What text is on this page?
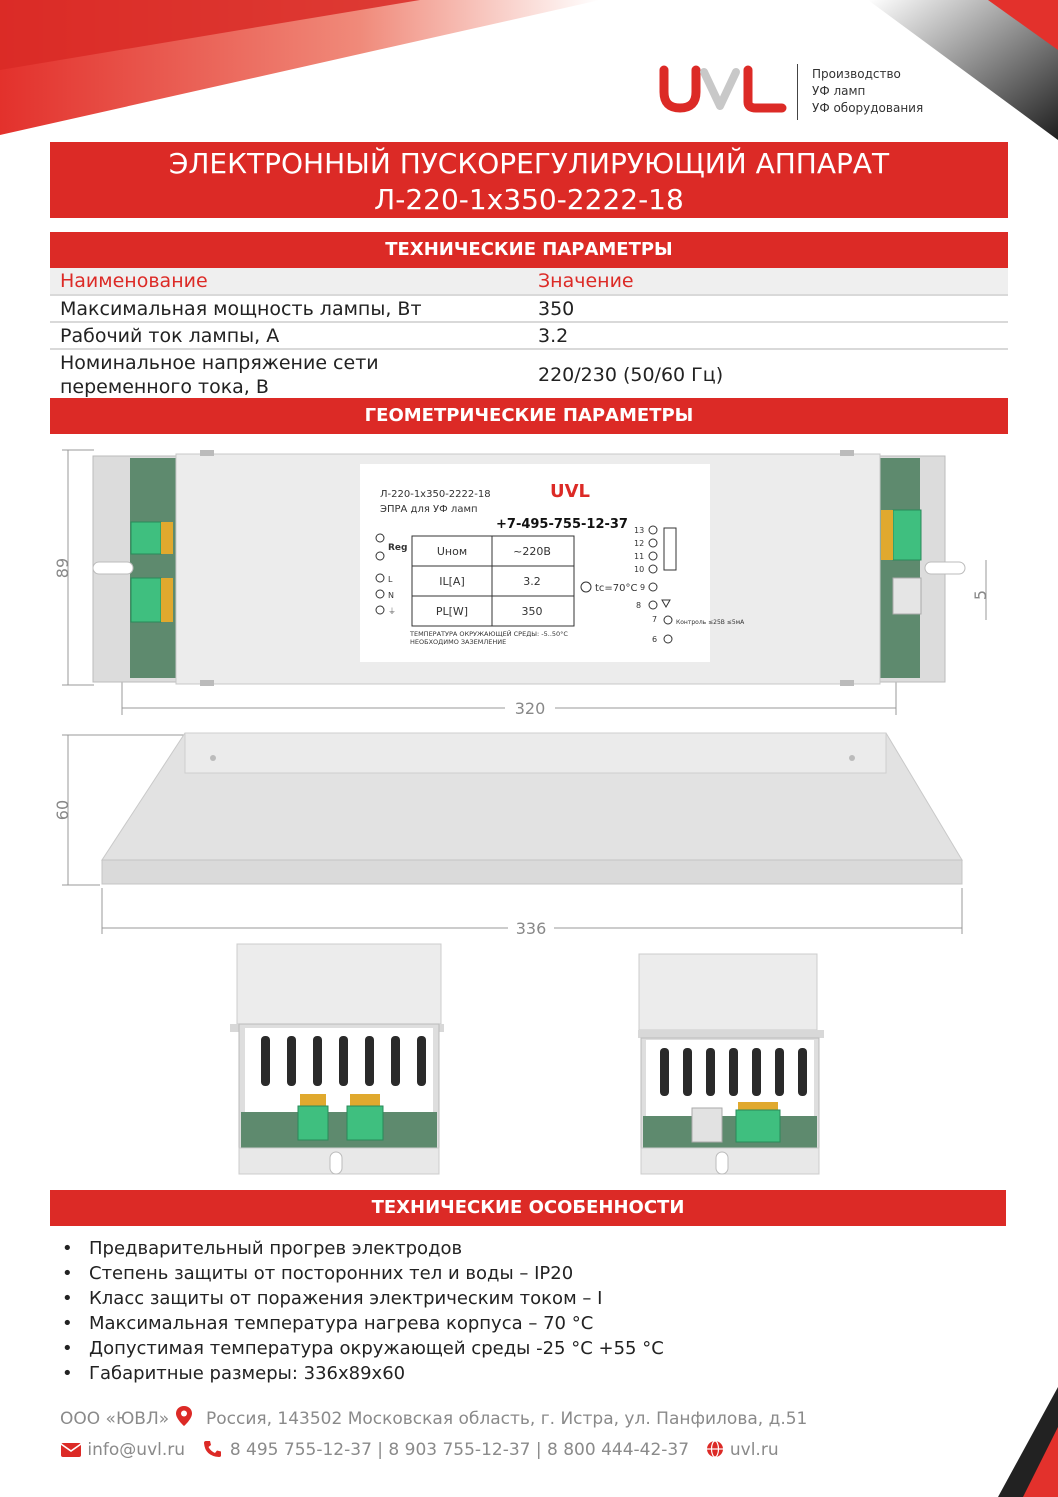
UVL
Производство
УФ ламп
УФ оборудования
ЭЛЕКТРОННЫЙ ПУСКОРЕГУЛИРУЮЩИЙ АППАРАТ
Л-220-1х350-2222-18
ТЕХНИЧЕСКИЕ ПАРАМЕТРЫ
Наименование	Значение
Максимальная мощность лампы, Вт	350
Рабочий ток лампы, А	3.2

Номинальное напряжение сети
переменного тока, В	220/230 (50/60 Гц)
ГЕОМЕТРИЧЕСКИЕ ПАРАМЕТРЫ
89
320
5
Л-220-1х350-2222-18
ЭПРА для УФ ламп
UVL
+7-495-755-12-37
Reg
L
N
⏚
Uном	~220В
IL[A]	3.2
PL[W]	350
tc=70°C
ТЕМПЕРАТУРА ОКРУЖАЮЩЕЙ СРЕДЫ: -5..50°С
НЕОБХОДИМО ЗАЗЕМЛЕНИЕ
13
12
11
10
9
8
7
6
Контроль ≤25В ≤5мА
60
336
ТЕХНИЧЕСКИЕ ОСОБЕННОСТИ
• Предварительный прогрев электродов
• Степень защиты от посторонних тел и воды – IP20
• Класс защиты от поражения электрическим током – I
• Максимальная температура нагрева корпуса – 70 °С
• Допустимая температура окружающей среды -25 °С +55 °С
• Габаритные размеры: 336х89х60
ООО «ЮВЛ» Россия, 143502 Московская область, г. Истра, ул. Панфилова, д.51
info@uvl.ru	8 495 755-12-37 | 8 903 755-12-37 | 8 800 444-42-37 uvl.ru
